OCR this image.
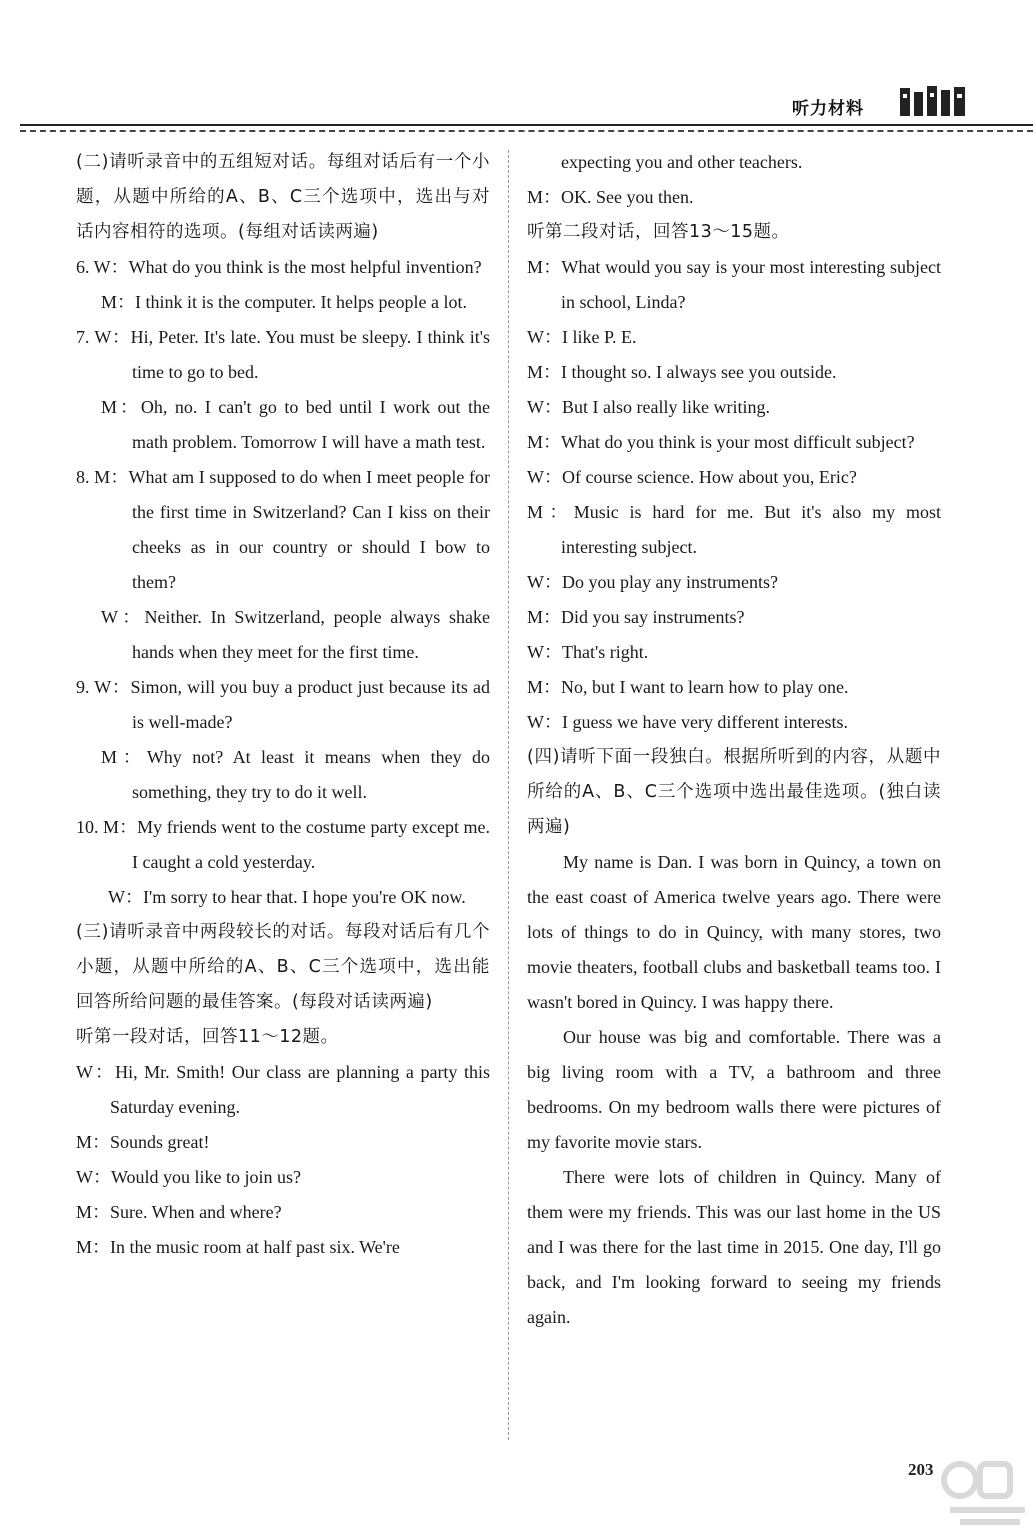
听力材料

(二)请听录音中的五组短对话。每组对话后有一个小题，从题中所给的A、B、C三个选项中，选出与对话内容相符的选项。(每组对话读两遍)

6. W：What do you think is the most helpful invention?

M：I think it is the computer. It helps people a lot.

7. W：Hi, Peter. It's late. You must be sleepy. I think it's time to go to bed.

M：Oh, no. I can't go to bed until I work out the math problem. Tomorrow I will have a math test.

8. M：What am I supposed to do when I meet people for the first time in Switzerland? Can I kiss on their cheeks as in our country or should I bow to them?

W：Neither. In Switzerland, people always shake hands when they meet for the first time.

9. W：Simon, will you buy a product just because its ad is well-made?

M：Why not? At least it means when they do something, they try to do it well.

10. M：My friends went to the costume party except me. I caught a cold yesterday.

W：I'm sorry to hear that. I hope you're OK now.

(三)请听录音中两段较长的对话。每段对话后有几个小题，从题中所给的A、B、C三个选项中，选出能回答所给问题的最佳答案。(每段对话读两遍)

听第一段对话，回答11～12题。

W：Hi, Mr. Smith! Our class are planning a party this Saturday evening.

M：Sounds great!

W：Would you like to join us?

M：Sure. When and where?

M：In the music room at half past six. We're

expecting you and other teachers.

M：OK. See you then.

听第二段对话，回答13～15题。

M：What would you say is your most interesting subject in school, Linda?

W：I like P. E.

M：I thought so. I always see you outside.

W：But I also really like writing.

M：What do you think is your most difficult subject?

W：Of course science. How about you, Eric?

M：Music is hard for me. But it's also my most interesting subject.

W：Do you play any instruments?

M：Did you say instruments?

W：That's right.

M：No, but I want to learn how to play one.

W：I guess we have very different interests.

(四)请听下面一段独白。根据所听到的内容，从题中所给的A、B、C三个选项中选出最佳选项。(独白读两遍)

My name is Dan. I was born in Quincy, a town on the east coast of America twelve years ago. There were lots of things to do in Quincy, with many stores, two movie theaters, football clubs and basketball teams too. I wasn't bored in Quincy. I was happy there.

Our house was big and comfortable. There was a big living room with a TV, a bathroom and three bedrooms. On my bedroom walls there were pictures of my favorite movie stars.

There were lots of children in Quincy. Many of them were my friends. This was our last home in the US and I was there for the last time in 2015. One day, I'll go back, and I'm looking forward to seeing my friends again.

203
